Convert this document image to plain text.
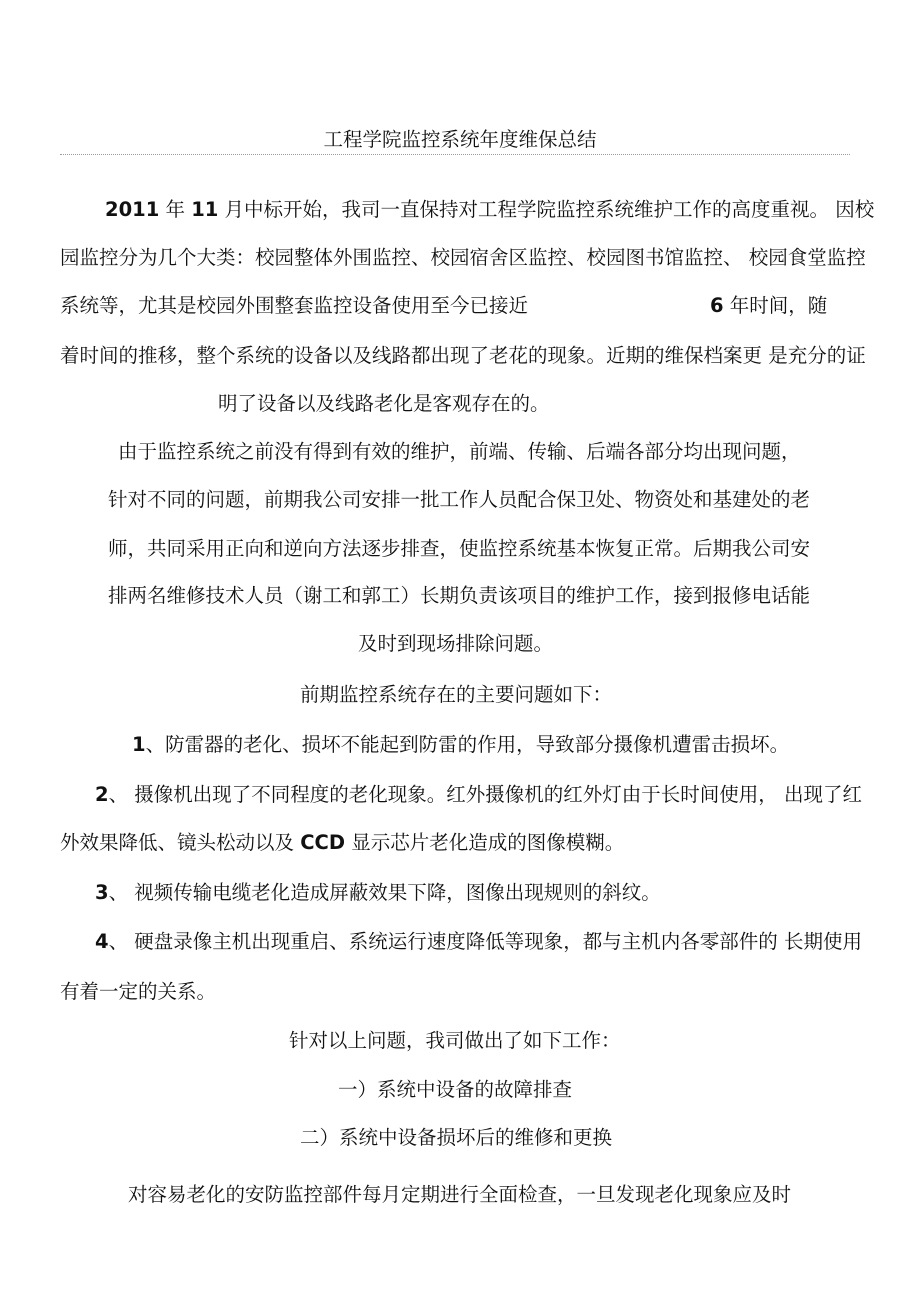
工程学院监控系统年度维保总结

2011 年 11 月中标开始，我司一直保持对工程学院监控系统维护工作的高度重视。 因校

园监控分为几个大类：校园整体外围监控、校园宿舍区监控、校园图书馆监控、 校园食堂监控

系统等，尤其是校园外围整套监控设备使用至今已接近	6 年时间，随

着时间的推移，整个系统的设备以及线路都出现了老花的现象。近期的维保档案更 是充分的证

明了设备以及线路老化是客观存在的。

由于监控系统之前没有得到有效的维护，前端、传输、后端各部分均出现问题，

针对不同的问题，前期我公司安排一批工作人员配合保卫处、物资处和基建处的老

师，共同采用正向和逆向方法逐步排查，使监控系统基本恢复正常。后期我公司安

排两名维修技术人员（谢工和郭工）长期负责该项目的维护工作，接到报修电话能

及时到现场排除问题。

前期监控系统存在的主要问题如下：

1、防雷器的老化、损坏不能起到防雷的作用，导致部分摄像机遭雷击损坏。

2、 摄像机出现了不同程度的老化现象。红外摄像机的红外灯由于长时间使用， 出现了红

外效果降低、镜头松动以及 CCD 显示芯片老化造成的图像模糊。

3、 视频传输电缆老化造成屏蔽效果下降，图像出现规则的斜纹。

4、 硬盘录像主机出现重启、系统运行速度降低等现象，都与主机内各零部件的 长期使用

有着一定的关系。

针对以上问题，我司做出了如下工作：

一）系统中设备的故障排查

二）系统中设备损坏后的维修和更换

对容易老化的安防监控部件每月定期进行全面检查，一旦发现老化现象应及时
